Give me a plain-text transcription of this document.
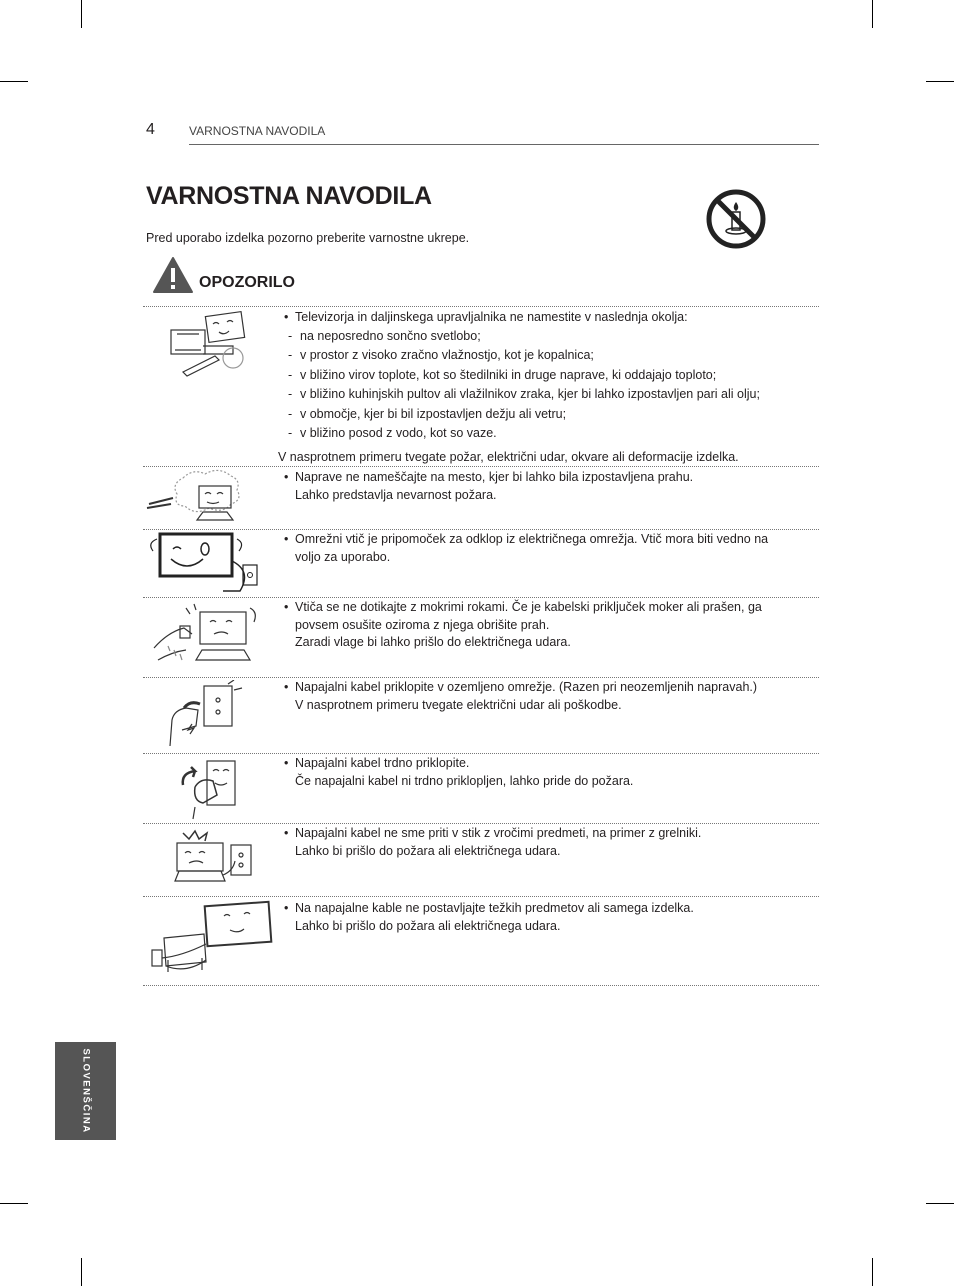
4	VARNOSTNA NAVODILA
VARNOSTNA NAVODILA
Pred uporabo izdelka pozorno preberite varnostne ukrepe.
OPOZORILO
• Televizorja in daljinskega upravljalnika ne namestite v naslednja okolja:
- na neposredno sončno svetlobo;
- v prostor z visoko zračno vlažnostjo, kot je kopalnica;
- v bližino virov toplote, kot so štedilniki in druge naprave, ki oddajajo toploto;
- v bližino kuhinjskih pultov ali vlažilnikov zraka, kjer bi lahko izpostavljen pari ali olju;
- v območje, kjer bi bil izpostavljen dežju ali vetru;
- v bližino posod z vodo, kot so vaze.
V nasprotnem primeru tvegate požar, električni udar, okvare ali deformacije izdelka.
• Naprave ne nameščajte na mesto, kjer bi lahko bila izpostavljena prahu.
Lahko predstavlja nevarnost požara.
• Omrežni vtič je pripomoček za odklop iz električnega omrežja. Vtič mora biti vedno na
voljo za uporabo.
• Vtiča se ne dotikajte z mokrimi rokami. Če je kabelski priključek moker ali prašen, ga
povsem osušite oziroma z njega obrišite prah.
Zaradi vlage bi lahko prišlo do električnega udara.
• Napajalni kabel priklopite v ozemljeno omrežje. (Razen pri neozemljenih napravah.)
V nasprotnem primeru tvegate električni udar ali poškodbe.
• Napajalni kabel trdno priklopite.
Če napajalni kabel ni trdno priklopljen, lahko pride do požara.
• Napajalni kabel ne sme priti v stik z vročimi predmeti, na primer z grelniki.
Lahko bi prišlo do požara ali električnega udara.
• Na napajalne kable ne postavljajte težkih predmetov ali samega izdelka.
Lahko bi prišlo do požara ali električnega udara.
SLOVENŠČINA
